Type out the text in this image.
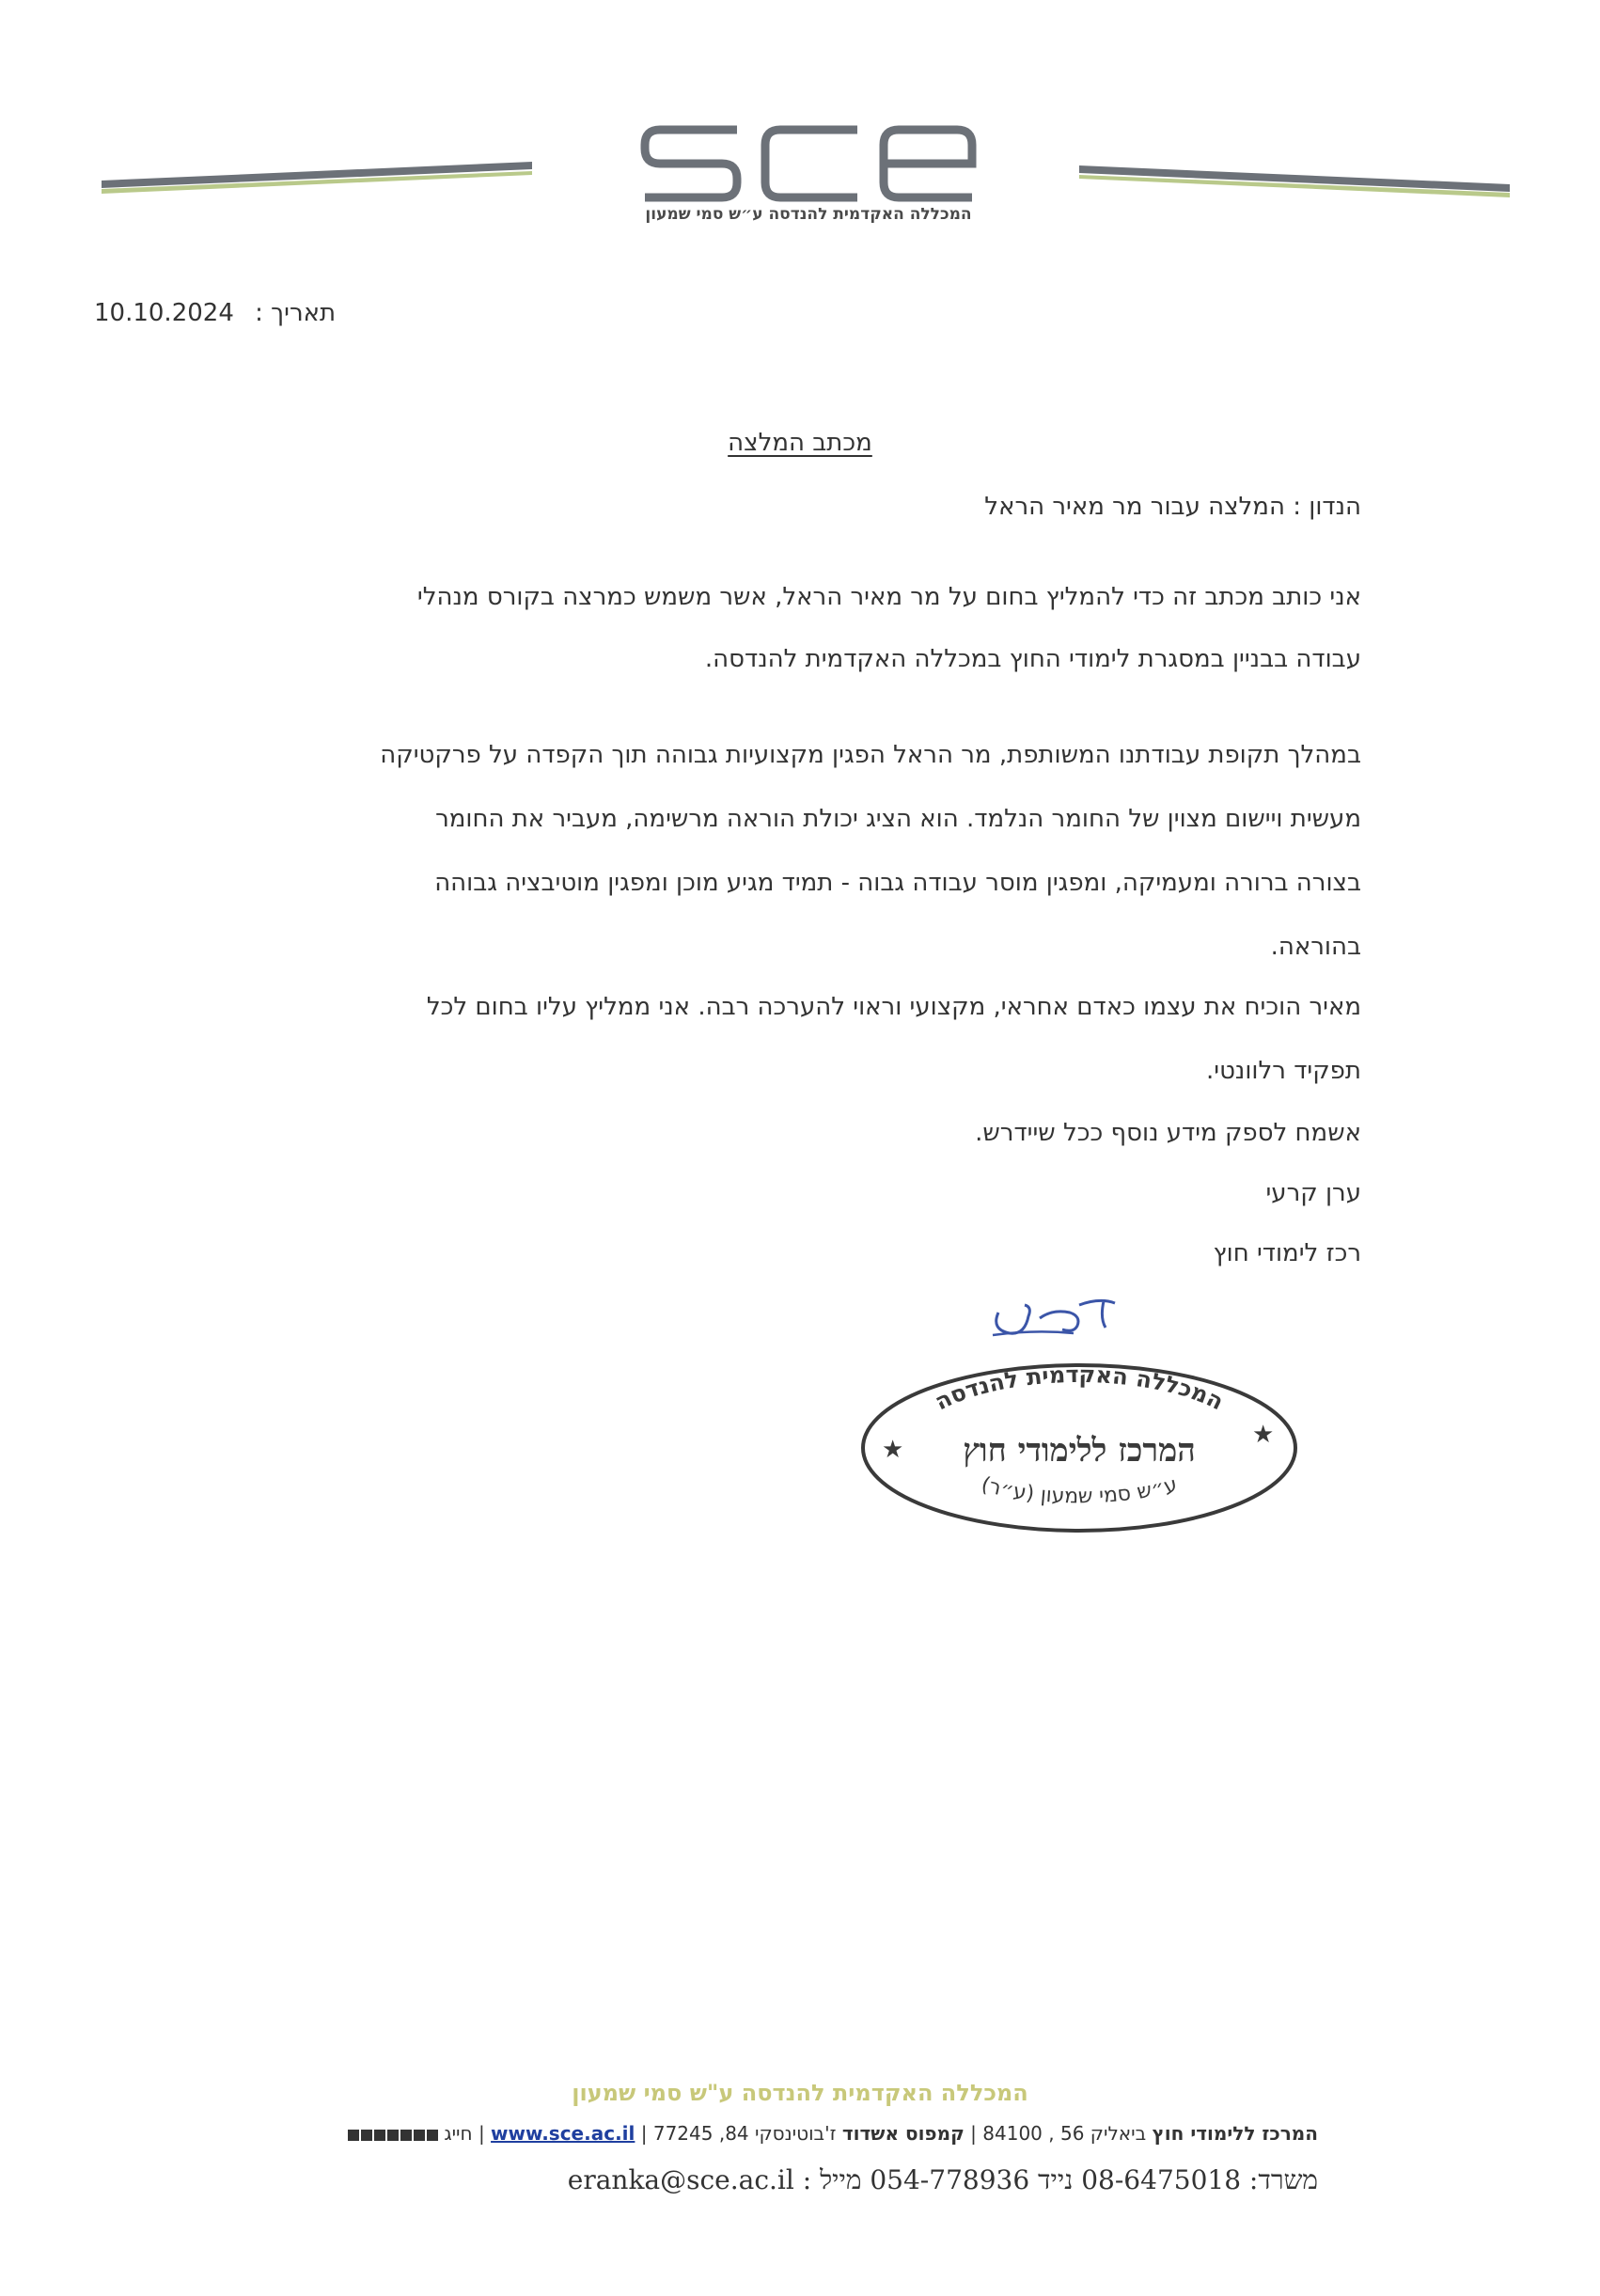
המכללה האקדמית להנדסה ע״ש סמי שמעון
10.10.2024 תאריך :
מכתב המלצה
הנדון : המלצה עבור מר מאיר הראל
אני כותב מכתב זה כדי להמליץ בחום על מר מאיר הראל, אשר משמש כמרצה בקורס מנהלי
עבודה בבניין במסגרת לימודי החוץ במכללה האקדמית להנדסה.
במהלך תקופת עבודתנו המשותפת, מר הראל הפגין מקצועיות גבוהה תוך הקפדה על פרקטיקה
מעשית ויישום מצוין של החומר הנלמד. הוא הציג יכולת הוראה מרשימה, מעביר את החומר
בצורה ברורה ומעמיקה, ומפגין מוסר עבודה גבוה - תמיד מגיע מוכן ומפגין מוטיבציה גבוהה
בהוראה.
מאיר הוכיח את עצמו כאדם אחראי, מקצועי וראוי להערכה רבה. אני ממליץ עליו בחום לכל
תפקיד רלוונטי.
אשמח לספק מידע נוסף ככל שיידרש.
ערן קרעי
רכז לימודי חוץ
המכללה האקדמית להנדסה
המרכז ללימודי חוץ
ע״ש סמי שמעון (ע״ר)
★
★
המכללה האקדמית להנדסה ע"ש סמי שמעון
המרכז ללימודי חוץ ביאליק 56 , 84100 | קמפוס אשדוד ז'בוטינסקי 84, 77245 | www.sce.ac.il | חייג
משרד: 08-6475018 נייד 054-778936 מייל : eranka@sce.ac.il
